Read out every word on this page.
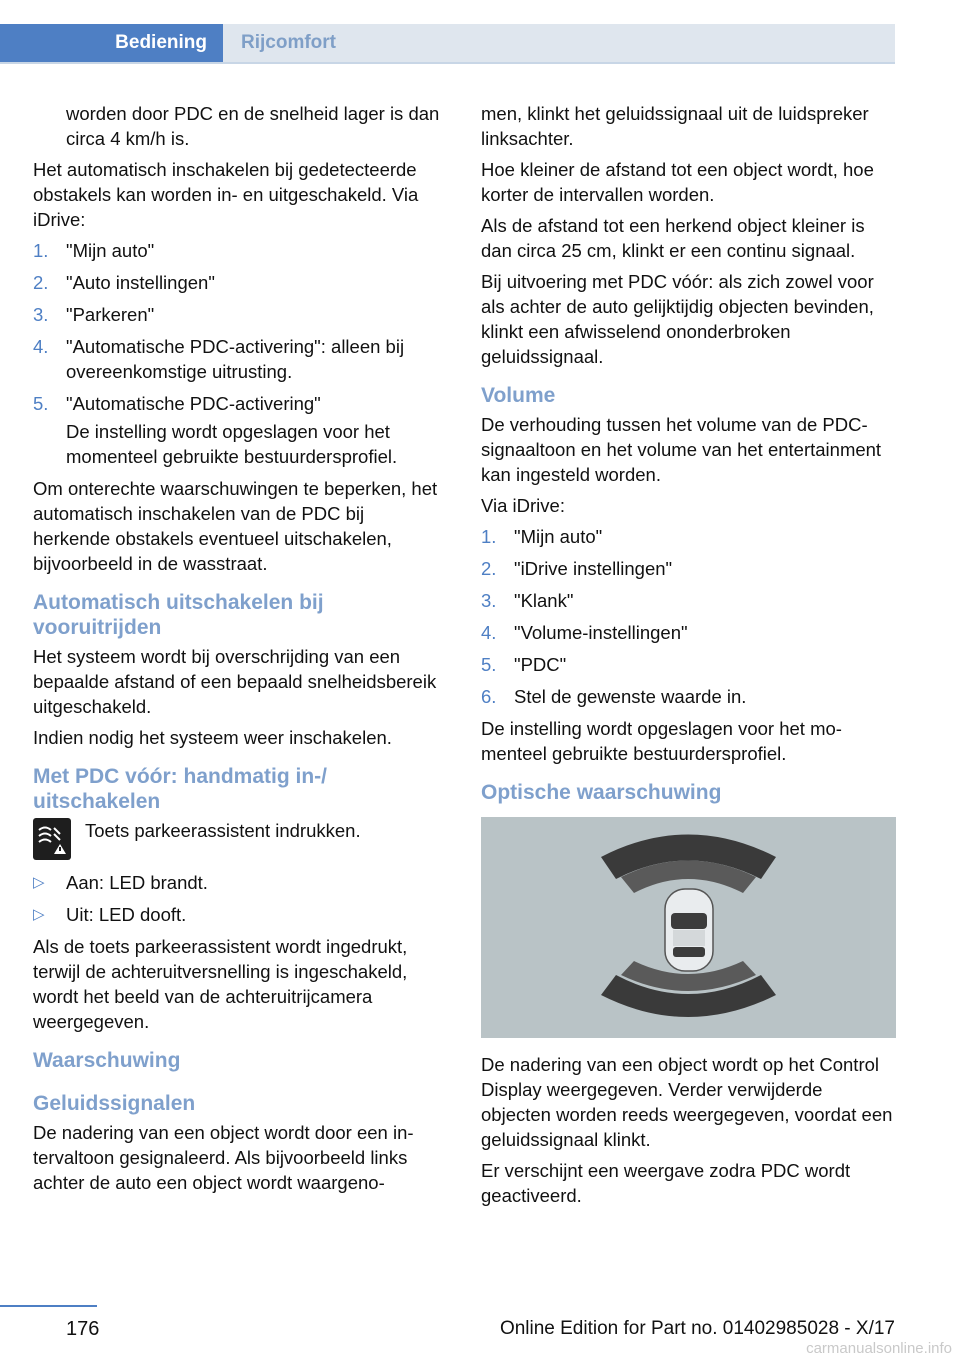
Bediening	Rijcomfort

worden door PDC en de snelheid lager is dan circa 4 km/h is.

Het automatisch inschakelen bij gedetecteerde obstakels kan worden in- en uitgeschakeld. Via iDrive:

1. "Mijn auto"
2. "Auto instellingen"
3. "Parkeren"
4. "Automatische PDC-activering": alleen bij overeenkomstige uitrusting.
5. "Automatische PDC-activering"
De instelling wordt opgeslagen voor het momenteel gebruikte bestuurdersprofiel.

Om onterechte waarschuwingen te beperken, het automatisch inschakelen van de PDC bij herkende obstakels eventueel uitschakelen, bijvoorbeeld in de wasstraat.

Automatisch uitschakelen bij vooruitrijden

Het systeem wordt bij overschrijding van een bepaalde afstand of een bepaald snelheidsbereik uitgeschakeld.

Indien nodig het systeem weer inschakelen.

Met PDC vóór: handmatig in-/ uitschakelen
Toets parkeerassistent indrukken.
▷ Aan: LED brandt.
▷ Uit: LED dooft.

Als de toets parkeerassistent wordt ingedrukt, terwijl de achteruitversnelling is ingeschakeld, wordt het beeld van de achteruitrijcamera weergegeven.

Waarschuwing
Geluidssignalen

De nadering van een object wordt door een intervaltoon gesignaleerd. Als bijvoorbeeld links achter de auto een object wordt waargeno-

men, klinkt het geluidssignaal uit de luidspreker linksachter.

Hoe kleiner de afstand tot een object wordt, hoe korter de intervallen worden.

Als de afstand tot een herkend object kleiner is dan circa 25 cm, klinkt er een continu signaal.

Bij uitvoering met PDC vóór: als zich zowel voor als achter de auto gelijktijdig objecten bevinden, klinkt een afwisselend ononderbroken geluidssignaal.

Volume

De verhouding tussen het volume van de PDC-signaaltoon en het volume van het entertainment kan ingesteld worden.

Via iDrive:

1. "Mijn auto"
2. "iDrive instellingen"
3. "Klank"
4. "Volume-instellingen"
5. "PDC"
6. Stel de gewenste waarde in.

De instelling wordt opgeslagen voor het momenteel gebruikte bestuurdersprofiel.

Optische waarschuwing

De nadering van een object wordt op het Control Display weergegeven. Verder verwijderde objecten worden reeds weergegeven, voordat een geluidssignaal klinkt.

Er verschijnt een weergave zodra PDC wordt geactiveerd.

176	Online Edition for Part no. 01402985028 - X/17
carmanualsonline.info
